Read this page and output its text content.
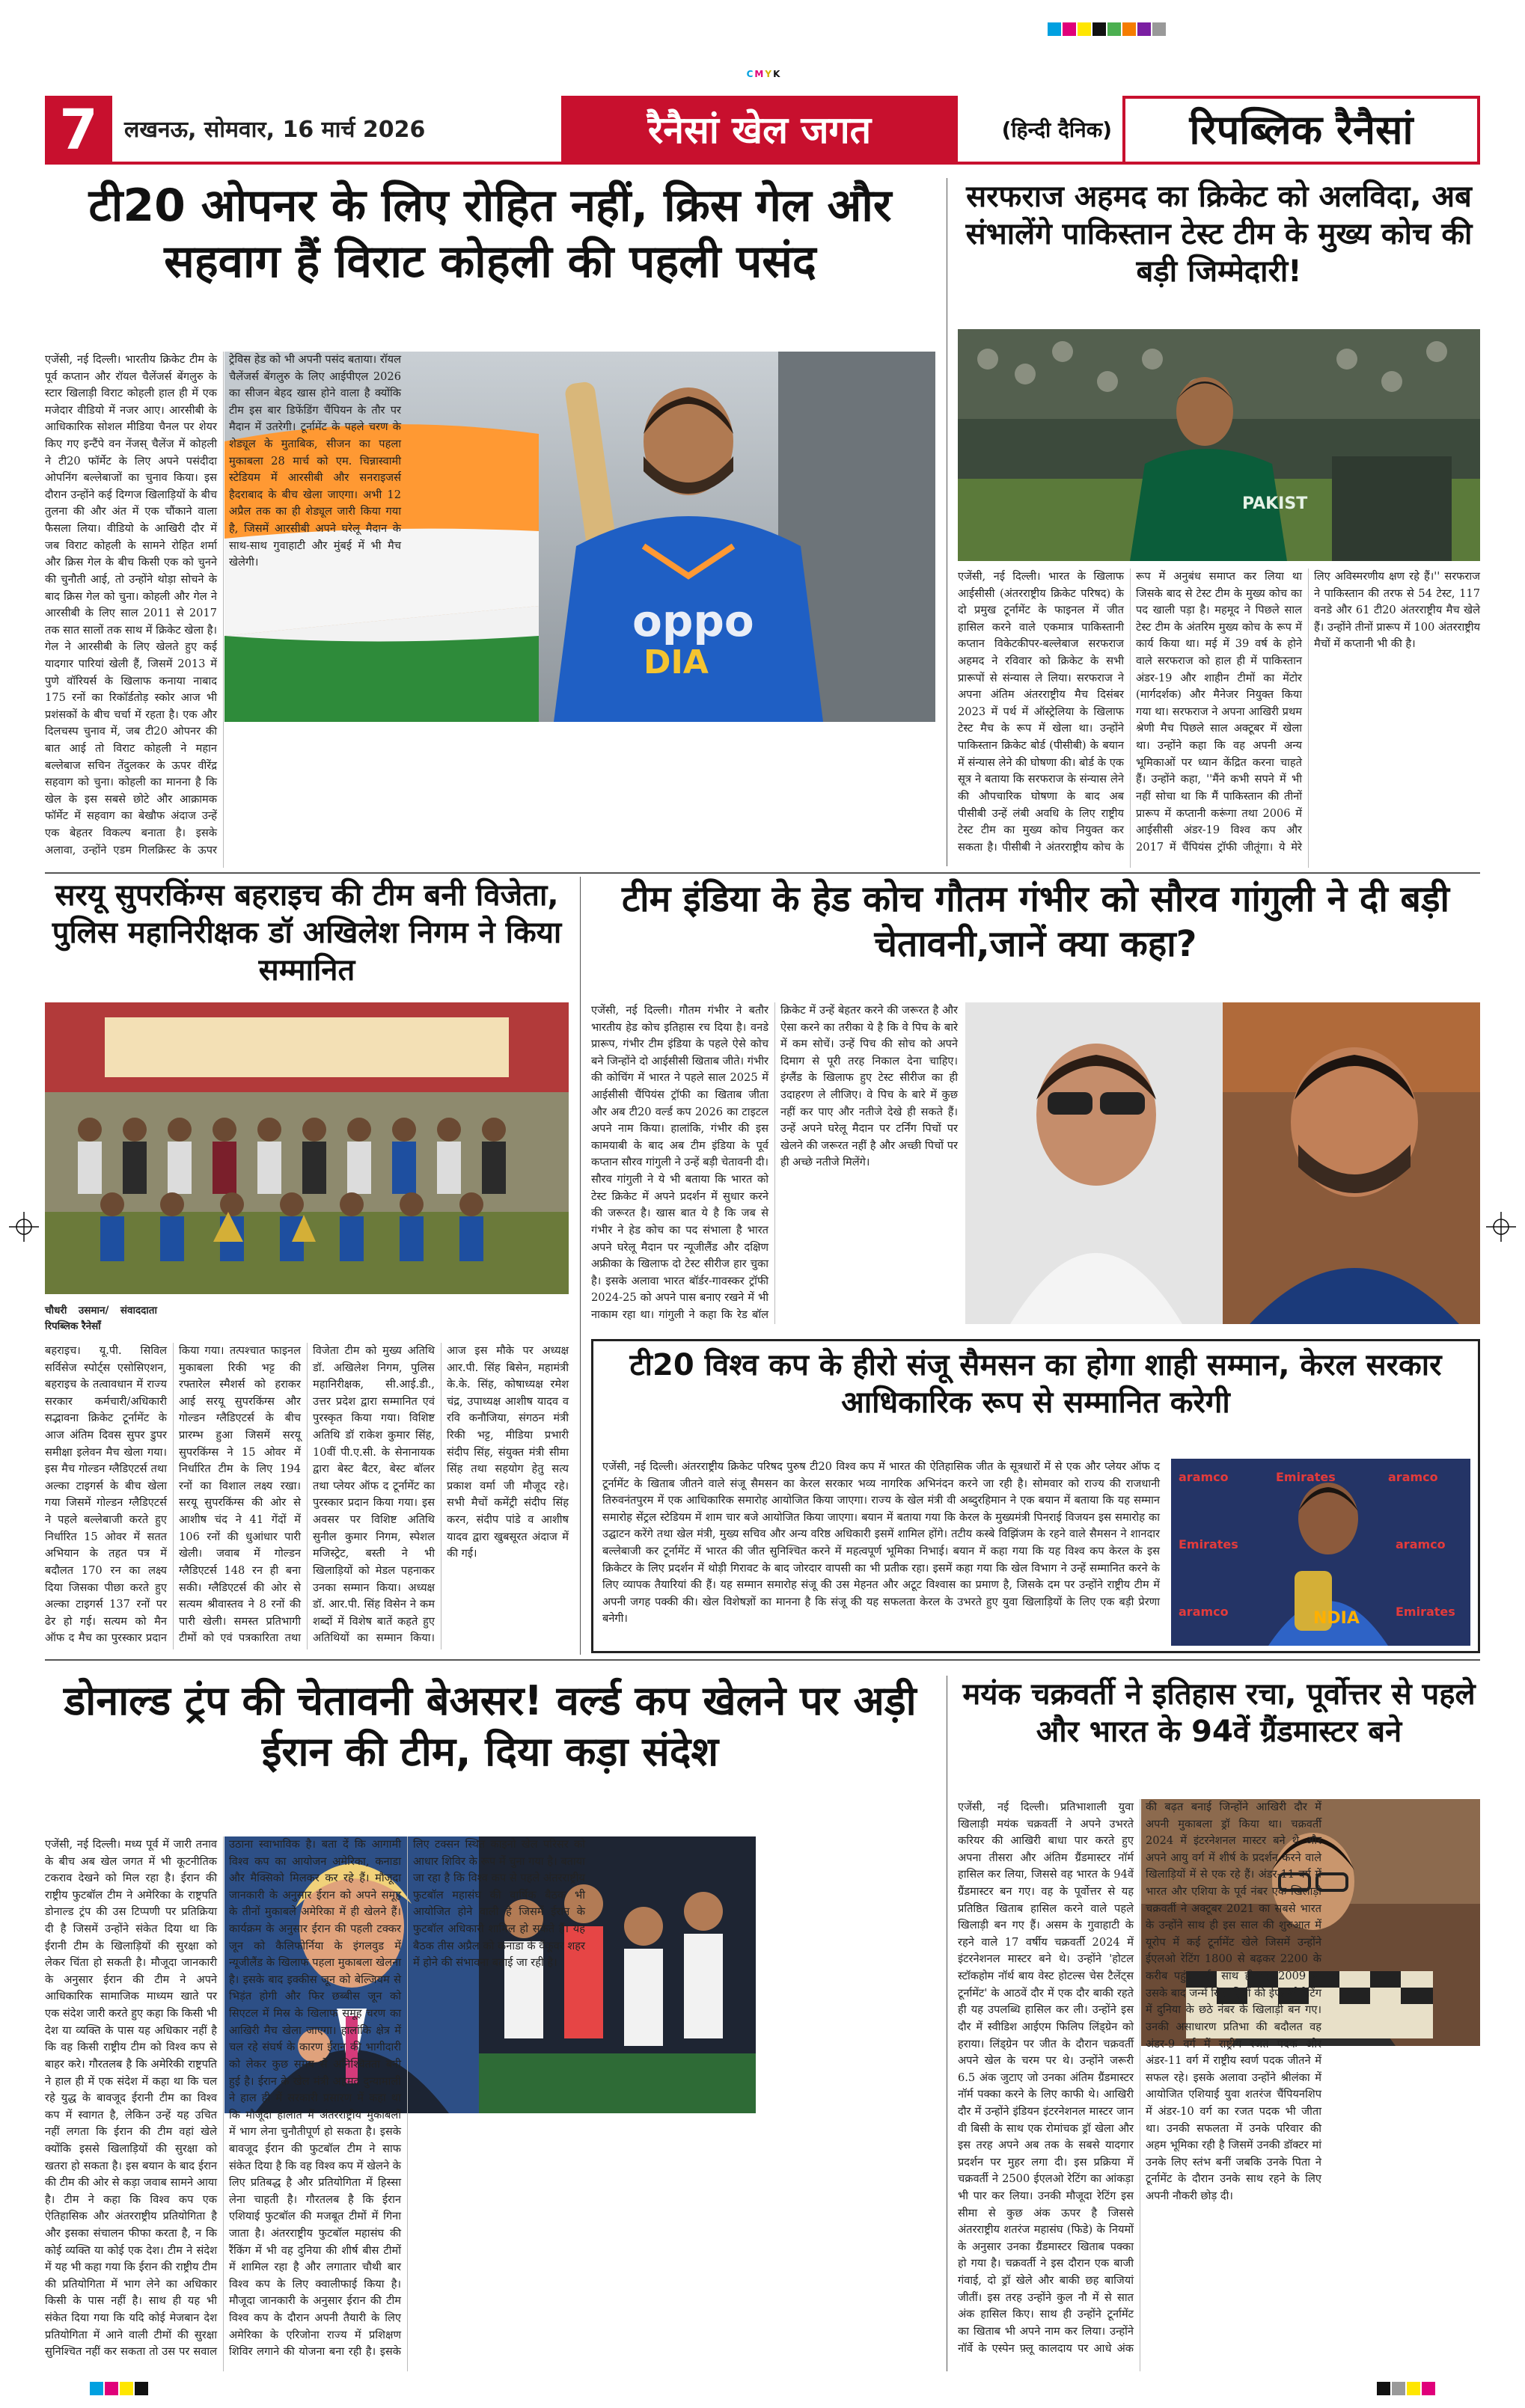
C M Y K
7	लखनऊ, सोमवार, 16 मार्च 2026	रैनैसां खेल जगत	(हिन्दी दैनिक)	रिपब्लिक रैनैसां
टी20 ओपनर के लिए रोहित नहीं, क्रिस गेल और सहवाग हैं विराट कोहली की पहली पसंद
oppo
DIA
एजेंसी, नई दिल्ली। भारतीय क्रिकेट टीम के पूर्व कप्तान और रॉयल चैलेंजर्स बेंगलुरु के स्टार खिलाड़ी विराट कोहली हाल ही में एक मजेदार वीडियो में नजर आए। आरसीबी के आधिकारिक सोशल मीडिया चैनल पर शेयर किए गए इन्टैंपे वन नेंजस् चैलेंज में कोहली ने टी20 फॉर्मेट के लिए अपने पसंदीदा ओपनिंग बल्लेबाजों का चुनाव किया। इस दौरान उन्होंने कई दिग्गज खिलाड़ियों के बीच तुलना की और अंत में एक चौंकाने वाला फैसला लिया। वीडियो के आखिरी दौर में जब विराट कोहली के सामने रोहित शर्मा और क्रिस गेल के बीच किसी एक को चुनने की चुनौती आई, तो उन्होंने थोड़ा सोचने के बाद क्रिस गेल को चुना। कोहली और गेल ने आरसीबी के लिए साल 2011 से 2017 तक सात सालों तक साथ में क्रिकेट खेला है। गेल ने आरसीबी के लिए खेलते हुए कई यादगार पारियां खेली हैं, जिसमें 2013 में पुणे वॉरियर्स के खिलाफ कनाया नाबाद 175 रनों का रिकॉर्डतोड़ स्कोर आज भी प्रशंसकों के बीच चर्चा में रहता है। एक और दिलचस्प चुनाव में, जब टी20 ओपनर की बात आई तो विराट कोहली ने महान बल्लेबाज सचिन तेंदुलकर के ऊपर वीरेंद्र सहवाग को चुना। कोहली का मानना है कि खेल के इस सबसे छोटे और आक्रामक फॉर्मेट में सहवाग का बेखौफ अंदाज उन्हें एक बेहतर विकल्प बनाता है। इसके अलावा, उन्होंने एडम गिलक्रिस्ट के ऊपर ट्रेविस हेड को भी अपनी पसंद बताया। रॉयल चैलेंजर्स बेंगलुरु के लिए आईपीएल 2026 का सीजन बेहद खास होने वाला है क्योंकि टीम इस बार डिफेंडिंग चैंपियन के तौर पर मैदान में उतरेगी। टूर्नामेंट के पहले चरण के शेड्यूल के मुताबिक, सीजन का पहला मुकाबला 28 मार्च को एम. चिन्नास्वामी स्टेडियम में आरसीबी और सनराइजर्स हैदराबाद के बीच खेला जाएगा। अभी 12 अप्रैल तक का ही शेड्यूल जारी किया गया है, जिसमें आरसीबी अपने घरेलू मैदान के साथ-साथ गुवाहाटी और मुंबई में भी मैच खेलेगी।
सरफराज अहमद का क्रिकेट को अलविदा, अब संभालेंगे पाकिस्तान टेस्ट टीम के मुख्य कोच की बड़ी जिम्मेदारी!
PAKIST
एजेंसी, नई दिल्ली। भारत के खिलाफ आईसीसी (अंतरराष्ट्रीय क्रिकेट परिषद) के दो प्रमुख टूर्नामेंट के फाइनल में जीत हासिल करने वाले एकमात्र पाकिस्तानी कप्तान विकेटकीपर-बल्लेबाज सरफराज अहमद ने रविवार को क्रिकेट के सभी प्रारूपों से संन्यास ले लिया। सरफराज ने अपना अंतिम अंतरराष्ट्रीय मैच दिसंबर 2023 में पर्थ में ऑस्ट्रेलिया के खिलाफ टेस्ट मैच के रूप में खेला था। उन्होंने पाकिस्तान क्रिकेट बोर्ड (पीसीबी) के बयान में संन्यास लेने की घोषणा की। बोर्ड के एक सूत्र ने बताया कि सरफराज के संन्यास लेने की औपचारिक घोषणा के बाद अब पीसीबी उन्हें लंबी अवधि के लिए राष्ट्रीय टेस्ट टीम का मुख्य कोच नियुक्त कर सकता है। पीसीबी ने अंतरराष्ट्रीय कोच के रूप में अनुबंध समाप्त कर लिया था जिसके बाद से टेस्ट टीम के मुख्य कोच का पद खाली पड़ा है। महमूद ने पिछले साल टेस्ट टीम के अंतरिम मुख्य कोच के रूप में कार्य किया था। मई में 39 वर्ष के होने वाले सरफराज को हाल ही में पाकिस्तान अंडर-19 और शाहीन टीमों का मेंटोर (मार्गदर्शक) और मैनेजर नियुक्त किया गया था। सरफराज ने अपना आखिरी प्रथम श्रेणी मैच पिछले साल अक्टूबर में खेला था। उन्होंने कहा कि वह अपनी अन्य भूमिकाओं पर ध्यान केंद्रित करना चाहते हैं। उन्होंने कहा, ''मैंने कभी सपने में भी नहीं सोचा था कि मैं पाकिस्तान की तीनों प्रारूप में कप्तानी करूंगा तथा 2006 में आईसीसी अंडर-19 विश्व कप और 2017 में चैंपियंस ट्रॉफी जीतूंगा। ये मेरे लिए अविस्मरणीय क्षण रहे हैं।'' सरफराज ने पाकिस्तान की तरफ से 54 टेस्ट, 117 वनडे और 61 टी20 अंतरराष्ट्रीय मैच खेले हैं। उन्होंने तीनों प्रारूप में 100 अंतरराष्ट्रीय मैचों में कप्तानी भी की है।
सरयू सुपरकिंग्स बहराइच की टीम बनी विजेता, पुलिस महानिरीक्षक डॉ अखिलेश निगम ने किया सम्मानित
चौधरी उसमान/ संवाददाता रिपब्लिक रैनेसाँ
बहराइच। यू.पी. सिविल सर्विसेज स्पोर्ट्स एसोसिएशन, बहराइच के तत्वावधान में राज्य सरकार कर्मचारी/अधिकारी सद्भावना क्रिकेट टूर्नामेंट के आज अंतिम दिवस सुपर डुपर समीक्षा इलेवन मैच खेला गया।इस मैच गोल्डन ग्लैडिएटर्स तथा अल्का टाइगर्स के बीच खेला गया जिसमें गोल्डन ग्लैडिएटर्स ने पहले बल्लेबाजी करते हुए निर्धारित 15 ओवर में सतत अभियान के तहत पत्र में बदौलत 170 रन का लक्ष्य दिया जिसका पीछा करते हुए अल्का टाइगर्स 137 रनों पर ढेर हो गई। सत्यम को मैन ऑफ द मैच का पुरस्कार प्रदान किया गया। तत्पश्चात फाइनल मुकाबला रिकी भट्ट की रफ्तारेल स्मैशर्स को हराकर आई सरयू सुपरकिंग्स और गोल्डन ग्लैडिएटर्स के बीच प्रारम्भ हुआ जिसमें सरयू सुपरकिंग्स ने 15 ओवर में निर्धारित टीम के लिए 194 रनों का विशाल लक्ष्य रखा। सरयू सुपरकिंग्स की ओर से आशीष चंद ने 41 गेंदों में 106 रनों की धुआंधार पारी खेली। जवाब में गोल्डन ग्लैडिएटर्स 148 रन ही बना सकी। ग्लैडिएटर्स की ओर से सत्यम श्रीवास्तव ने 8 रनों की पारी खेली। समस्त प्रतिभागी टीमों को एवं पत्रकारिता तथा विजेता टीम को मुख्य अतिथि डॉ. अखिलेश निगम, पुलिस महानिरीक्षक, सी.आई.डी., उत्तर प्रदेश द्वारा सम्मानित एवं पुरस्कृत किया गया। विशिष्ट अतिथि डॉ राकेश कुमार सिंह, 10वीं पी.ए.सी. के सेनानायक द्वारा बेस्ट बैटर, बेस्ट बॉलर तथा प्लेयर ऑफ द टूर्नामेंट का पुरस्कार प्रदान किया गया। इस अवसर पर विशिष्ट अतिथि सुनील कुमार निगम, स्पेशल मजिस्ट्रेट, बस्ती ने भी खिलाड़ियों को मेडल पहनाकर उनका सम्मान किया। अध्यक्ष डॉ. आर.पी. सिंह विसेन ने कम शब्दों में विशेष बातें कहते हुए अतिथियों का सम्मान किया। आज इस मौके पर अध्यक्ष आर.पी. सिंह बिसेन, महामंत्री के.के. सिंह, कोषाध्यक्ष रमेश चंद्र, उपाध्यक्ष आशीष यादव व रवि कनौजिया, संगठन मंत्री रिकी भट्ट, मीडिया प्रभारी संदीप सिंह, संयुक्त मंत्री सीमा सिंह तथा सहयोग हेतु सत्य प्रकाश वर्मा जी मौजूद रहे। सभी मैचों कमेंट्री संदीप सिंह करन, संदीप पांडे व आशीष यादव द्वारा खुबसूरत अंदाज में की गई।
टीम इंडिया के हेड कोच गौतम गंभीर को सौरव गांगुली ने दी बड़ी चेतावनी,जानें क्या कहा?
एजेंसी, नई दिल्ली। गौतम गंभीर ने बतौर भारतीय हेड कोच इतिहास रच दिया है। वनडे प्रारूप, गंभीर टीम इंडिया के पहले ऐसे कोच बने जिन्होंने दो आईसीसी खिताब जीते। गंभीर की कोचिंग में भारत ने पहले साल 2025 में आईसीसी चैंपियंस ट्रॉफी का खिताब जीता और अब टी20 वर्ल्ड कप 2026 का टाइटल अपने नाम किया। हालांकि, गंभीर की इस कामयाबी के बाद अब टीम इंडिया के पूर्व कप्तान सौरव गांगुली ने उन्हें बड़ी चेतावनी दी। सौरव गांगुली ने ये भी बताया कि भारत को टेस्ट क्रिकेट में अपने प्रदर्शन में सुधार करने की जरूरत है। खास बात ये है कि जब से गंभीर ने हेड कोच का पद संभाला है भारत अपने घरेलू मैदान पर न्यूजीलैंड और दक्षिण अफ्रीका के खिलाफ दो टेस्ट सीरीज हार चुका है। इसके अलावा भारत बॉर्डर-गावस्कर ट्रॉफी 2024-25 को अपने पास बनाए रखने में भी नाकाम रहा था। गांगुली ने कहा कि रेड बॉल क्रिकेट में उन्हें बेहतर करने की जरूरत है और ऐसा करने का तरीका ये है कि वे पिच के बारे में कम सोचें। उन्हें पिच की सोच को अपने दिमाग से पूरी तरह निकाल देना चाहिए। इंग्लैंड के खिलाफ हुए टेस्ट सीरीज का ही उदाहरण ले लीजिए। वे पिच के बारे में कुछ नहीं कर पाए और नतीजे देखे ही सकते हैं। उन्हें अपने घरेलू मैदान पर टर्निंग पिचों पर खेलने की जरूरत नहीं है और अच्छी पिचों पर ही अच्छे नतीजे मिलेंगे।
टी20 विश्व कप के हीरो संजू सैमसन का होगा शाही सम्मान, केरल सरकार आधिकारिक रूप से सम्मानित करेगी
एजेंसी, नई दिल्ली। अंतरराष्ट्रीय क्रिकेट परिषद पुरुष टी20 विश्व कप में भारत की ऐतिहासिक जीत के सूत्रधारों में से एक और प्लेयर ऑफ द टूर्नामेंट के खिताब जीतने वाले संजू सैमसन का केरल सरकार भव्य नागरिक अभिनंदन करने जा रही है। सोमवार को राज्य की राजधानी तिरुवनंतपुरम में एक आधिकारिक समारोह आयोजित किया जाएगा। राज्य के खेल मंत्री वी अब्दुरहिमान ने एक बयान में बताया कि यह सम्मान समारोह सेंट्रल स्टेडियम में शाम चार बजे आयोजित किया जाएगा। बयान में बताया गया कि केरल के मुख्यमंत्री पिनराई विजयन इस समारोह का उद्घाटन करेंगे तथा खेल मंत्री, मुख्य सचिव और अन्य वरिष्ठ अधिकारी इसमें शामिल होंगे। तटीय कस्बे विझिंजम के रहने वाले सैमसन ने शानदार बल्लेबाजी कर टूर्नामेंट में भारत की जीत सुनिश्चित करने में महत्वपूर्ण भूमिका निभाई। बयान में कहा गया कि यह विश्व कप केरल के इस क्रिकेटर के लिए प्रदर्शन में थोड़ी गिरावट के बाद जोरदार वापसी का भी प्रतीक रहा। इसमें कहा गया कि खेल विभाग ने उन्हें सम्मानित करने के लिए व्यापक तैयारियां की हैं। यह सम्मान समारोह संजू की उस मेहनत और अटूट विश्वास का प्रमाण है, जिसके दम पर उन्होंने राष्ट्रीय टीम में अपनी जगह पक्की की। खेल विशेषज्ञों का मानना है कि संजू की यह सफलता केरल के उभरते हुए युवा खिलाड़ियों के लिए एक बड़ी प्रेरणा बनेगी।
aramco	Emirates	aramco
Emirates	aramco
aramco	Emirates
NDIA
डोनाल्ड ट्रंप की चेतावनी बेअसर! वर्ल्ड कप खेलने पर अड़ी ईरान की टीम, दिया कड़ा संदेश
एजेंसी, नई दिल्ली। मध्य पूर्व में जारी तनाव के बीच अब खेल जगत में भी कूटनीतिक टकराव देखने को मिल रहा है। ईरान की राष्ट्रीय फुटबॉल टीम ने अमेरिका के राष्ट्रपति डोनाल्ड ट्रंप की उस टिप्पणी पर प्रतिक्रिया दी है जिसमें उन्होंने संकेत दिया था कि ईरानी टीम के खिलाड़ियों की सुरक्षा को लेकर चिंता हो सकती है। मौजूदा जानकारी के अनुसार ईरान की टीम ने अपने आधिकारिक सामाजिक माध्यम खाते पर एक संदेश जारी करते हुए कहा कि किसी भी देश या व्यक्ति के पास यह अधिकार नहीं है कि वह किसी राष्ट्रीय टीम को विश्व कप से बाहर करे। गौरतलब है कि अमेरिकी राष्ट्रपति ने हाल ही में एक संदेश में कहा था कि चल रहे युद्ध के बावजूद ईरानी टीम का विश्व कप में स्वागत है, लेकिन उन्हें यह उचित नहीं लगता कि ईरान की टीम वहां खेले क्योंकि इससे खिलाड़ियों की सुरक्षा को खतरा हो सकता है। इस बयान के बाद ईरान की टीम की ओर से कड़ा जवाब सामने आया है। टीम ने कहा कि विश्व कप एक ऐतिहासिक और अंतरराष्ट्रीय प्रतियोगिता है और इसका संचालन फीफा करता है, न कि कोई व्यक्ति या कोई एक देश। टीम ने संदेश में यह भी कहा गया कि ईरान की राष्ट्रीय टीम की प्रतियोगिता में भाग लेने का अधिकार किसी के पास नहीं है। साथ ही यह भी संकेत दिया गया कि यदि कोई मेजबान देश प्रतियोगिता में आने वाली टीमों की सुरक्षा सुनिश्चित नहीं कर सकता तो उस पर सवाल उठाना स्वाभाविक है। बता दें कि आगामी विश्व कप का आयोजन अमेरिका, कनाडा और मैक्सिको मिलकर कर रहे हैं। मौजूदा जानकारी के अनुसार ईरान को अपने समूह के तीनों मुकाबले अमेरिका में ही खेलने हैं। कार्यक्रम के अनुसार ईरान की पहली टक्कर जून को कैलिफोर्निया के इंगलवुड में न्यूजीलैंड के खिलाफ पहला मुकाबला खेलना है। इसके बाद इक्कीस जून को बेल्जियम से भिड़ंत होगी और फिर छब्बीस जून को सिएटल में मिस्र के खिलाफ समूह चरण का आखिरी मैच खेला जाएगा। हालांकि क्षेत्र में चल रहे संघर्ष के कारण ईरान की भागीदारी को लेकर कुछ समय से अनिश्चितता बनी हुई है। ईरान के खेल मंत्री अहमद दुन्यामाली ने हाल ही में सरकारी प्रसारण में कहा था कि मौजूदा हालात में अंतरराष्ट्रीय मुकाबलों में भाग लेना चुनौतीपूर्ण हो सकता है। इसके बावजूद ईरान की फुटबॉल टीम ने साफ संकेत दिया है कि वह विश्व कप में खेलने के लिए प्रतिबद्ध है और प्रतियोगिता में हिस्सा लेना चाहती है। गौरतलब है कि ईरान एशियाई फुटबॉल की मजबूत टीमों में गिना जाता है। अंतरराष्ट्रीय फुटबॉल महासंघ की रैंकिंग में भी वह दुनिया की शीर्ष बीस टीमों में शामिल रहा है और लगातार चौथी बार विश्व कप के लिए क्वालीफाई किया है। मौजूदा जानकारी के अनुसार ईरान की टीम विश्व कप के दौरान अपनी तैयारी के लिए अमेरिका के एरिजोना राज्य में प्रशिक्षण शिविर लगाने की योजना बना रही है। इसके लिए टक्सन स्थित काइनो खेल परिसर को आधार शिविर के रूप में चुना गया है। बताया जा रहा है कि विश्व कप से पहले अंतरराष्ट्रीय फुटबॉल महासंघ की वार्षिक बैठक भी आयोजित होने वाली है जिसमें ईरान के फुटबॉल अधिकारी शामिल हो सकते हैं। यह बैठक तीस अप्रैल को कनाडा के वैंकूवर शहर में होने की संभावना बताई जा रही है।
मयंक चक्रवर्ती ने इतिहास रचा, पूर्वोत्तर से पहले और भारत के 94वें ग्रैंडमास्टर बने
एजेंसी, नई दिल्ली। प्रतिभाशाली युवा खिलाड़ी मयंक चक्रवर्ती ने अपने उभरते करियर की आखिरी बाधा पार करते हुए अपना तीसरा और अंतिम ग्रैंडमास्टर नॉर्म हासिल कर लिया, जिससे वह भारत के 94वें ग्रैंडमास्टर बन गए। वह के पूर्वोत्तर से यह प्रतिष्ठित खिताब हासिल करने वाले पहले खिलाड़ी बन गए हैं। असम के गुवाहाटी के रहने वाले 17 वर्षीय चक्रवर्ती 2024 में इंटरनेशनल मास्टर बने थे। उन्होंने 'होटल स्टॉकहोम नॉर्थ बाय वेस्ट होटल्स चेस टैलेंट्स टूर्नामेंट' के आठवें दौर में एक दौर बाकी रहते ही यह उपलब्धि हासिल कर ली। उन्होंने इस दौर में स्वीडिश आईएम फिलिप लिंड्ग्रेन को हराया। लिंड्ग्रेन पर जीत के दौरान चक्रवर्ती अपने खेल के चरम पर थे। उन्होंने जरूरी 6.5 अंक जुटाए जो उनका अंतिम ग्रैंडमास्टर नॉर्म पक्का करने के लिए काफी थे। आखिरी दौर में उन्होंने इंडियन इंटरनेशनल मास्टर जान वी बिसी के साथ एक रोमांचक ड्रॉ खेला और इस तरह अपने अब तक के सबसे यादगार प्रदर्शन पर मुहर लगा दी। इस प्रक्रिया में चक्रवर्ती ने 2500 ईएलओ रेटिंग का आंकड़ा भी पार कर लिया। उनकी मौजूदा रेटिंग इस सीमा से कुछ अंक ऊपर है जिससे अंतरराष्ट्रीय शतरंज महासंघ (फिडे) के नियमों के अनुसार उनका ग्रैंडमास्टर खिताब पक्का हो गया है। चक्रवर्ती ने इस दौरान एक बाजी गंवाई, दो ड्रॉ खेले और बाकी छह बाजियां जीतीं। इस तरह उन्होंने कुल नौ में से सात अंक हासिल किए। साथ ही उन्होंने टूर्नामेंट का खिताब भी अपने नाम कर लिया। उन्होंने नॉर्वे के एस्पेन फ़्लू कालदाय पर आधे अंक की बढ़त बनाई जिन्होंने आखिरी दौर में अपनी मुकाबला ड्रॉ किया था। चक्रवर्ती 2024 में इंटरनेशनल मास्टर बने थे और अपने आयु वर्ग में शीर्ष के प्रदर्शन करने वाले खिलाड़ियों में से एक रहे हैं। अंडर-11 वर्ग में भारत और एशिया के पूर्व नंबर एक खिलाड़ी चक्रवर्ती ने अक्टूबर 2021 का सबसे भारत के उन्होंने साथ ही इस साल की शुरुआत में यूरोप में कई टूर्नामेंट खेले जिसमें उन्होंने ईएलओ रेटिंग 1800 से बढ़कर 2200 के करीब पहुंच गई। साथ ही वह 2009 या उसके बाद जन्में खिलाड़ियों की ईएलओ रेटिंग में दुनिया के छठे नंबर के खिलाड़ी बन गए। उनकी असाधारण प्रतिभा की बदौलत वह अंडर-9 वर्ग में राष्ट्रीय रजत पदक और अंडर-11 वर्ग में राष्ट्रीय स्वर्ण पदक जीतने में सफल रहे। इसके अलावा उन्होंने श्रीलंका में आयोजित एशियाई युवा शतरंज चैंपियनशिप में अंडर-10 वर्ग का रजत पदक भी जीता था। उनकी सफलता में उनके परिवार की अहम भूमिका रही है जिसमें उनकी डॉक्टर मां उनके लिए स्तंभ बनीं जबकि उनके पिता ने टूर्नामेंट के दौरान उनके साथ रहने के लिए अपनी नौकरी छोड़ दी।
